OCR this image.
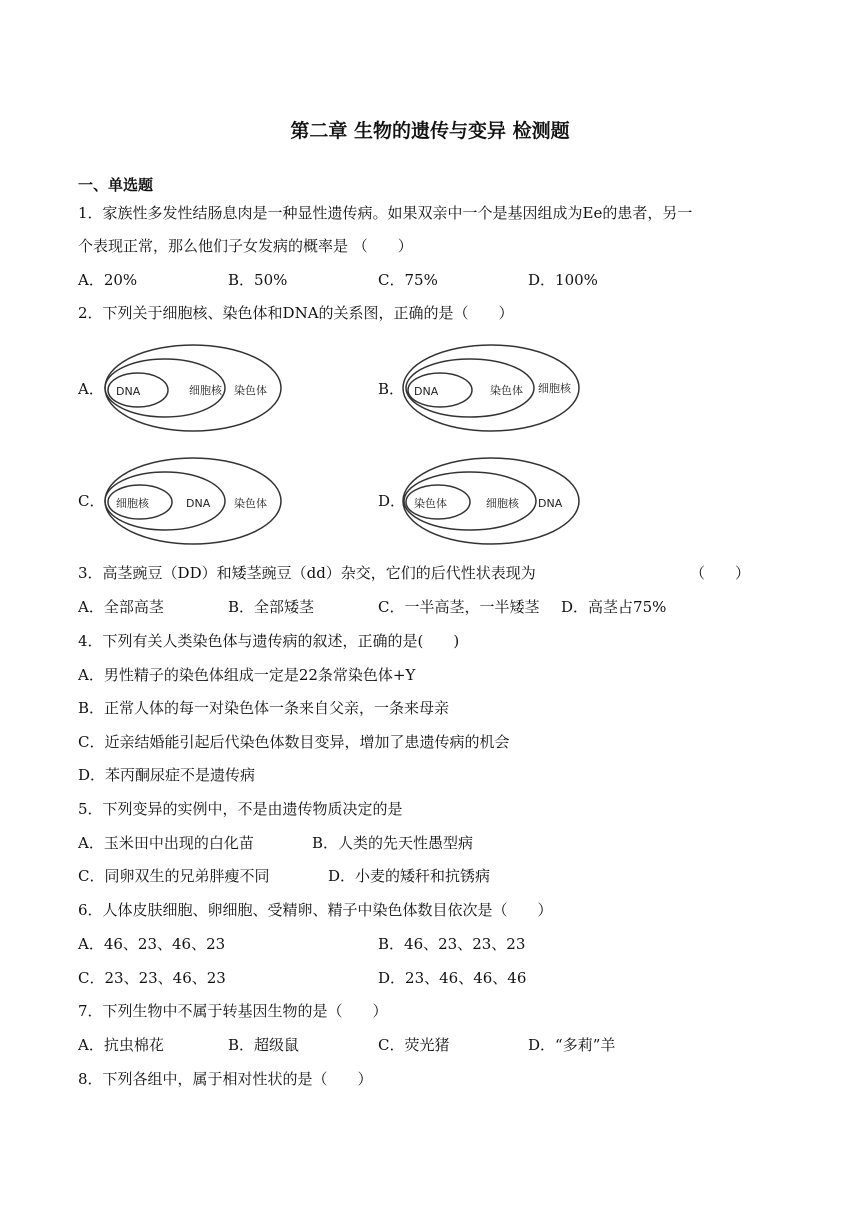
第二章 生物的遗传与变异 检测题
一、单选题
1．家族性多发性结肠息肉是一种显性遗传病。如果双亲中一个是基因组成为Ee的患者，另一
个表现正常，那么他们子女发病的概率是 （　　）
A．20%	B．50%	C．75%	D．100%
2．下列关于细胞核、染色体和DNA的关系图，正确的是（　　）
A． DNA	细胞核 染色体	B． DNA	染色体 细胞核
C． 细胞核	DNA 染色体	D． 染色体	细胞核 DNA
3．高茎豌豆（DD）和矮茎豌豆（dd）杂交，它们的后代性状表现为	（　　）
A．全部高茎	B．全部矮茎	C．一半高茎，一半矮茎 D．高茎占75%
4．下列有关人类染色体与遗传病的叙述，正确的是(　　)
A．男性精子的染色体组成一定是22条常染色体+Y
B．正常人体的每一对染色体一条来自父亲，一条来母亲
C．近亲结婚能引起后代染色体数目变异，增加了患遗传病的机会
D．苯丙酮尿症不是遗传病
5．下列变异的实例中，不是由遗传物质决定的是
A．玉米田中出现的白化苗	B．人类的先天性愚型病
C．同卵双生的兄弟胖瘦不同	D．小麦的矮秆和抗锈病
6．人体皮肤细胞、卵细胞、受精卵、精子中染色体数目依次是（　　）
A．46、23、46、23	B．46、23、23、23
C．23、23、46、23	D．23、46、46、46
7．下列生物中不属于转基因生物的是（　　）
A．抗虫棉花	B．超级鼠	C．荧光猪	D．“多莉”羊
8．下列各组中，属于相对性状的是（　　）
